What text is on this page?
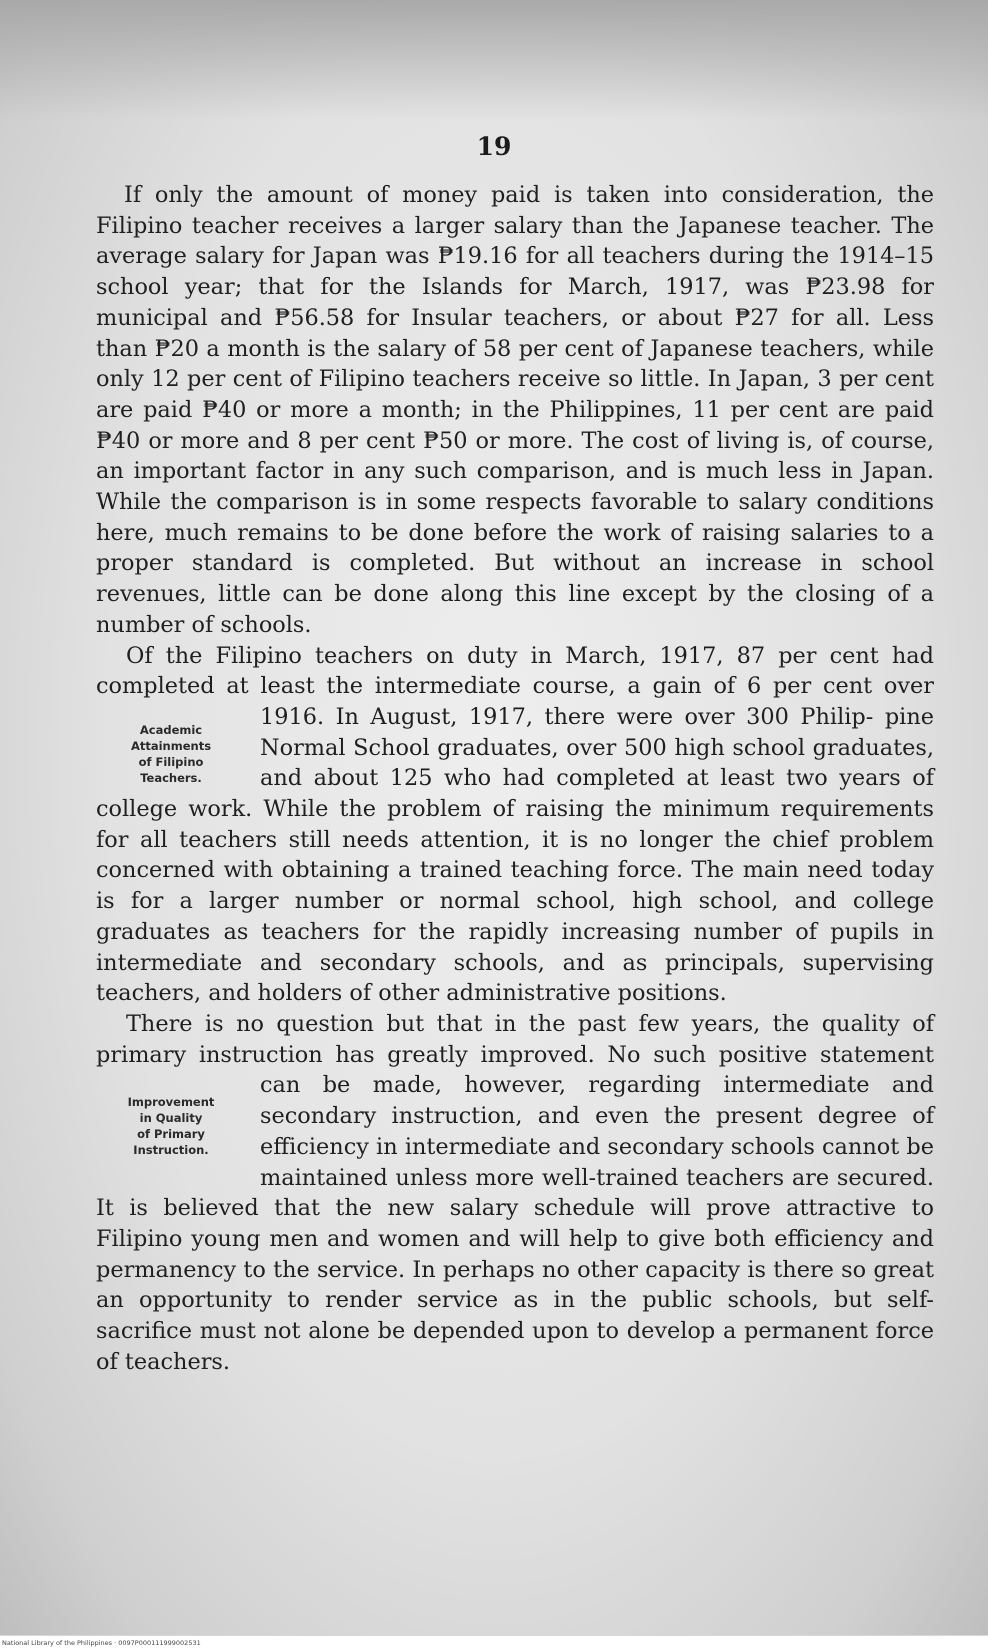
19

If only the amount of money paid is taken into consideration, the Filipino teacher receives a larger salary than the Japanese teacher. The average salary for Japan was ₱19.16 for all teachers during the 1914–15 school year; that for the Islands for March, 1917, was ₱23.98 for municipal and ₱56.58 for Insular teachers, or about ₱27 for all. Less than ₱20 a month is the salary of 58 per cent of Japanese teachers, while only 12 per cent of Filipino teachers receive so little. In Japan, 3 per cent are paid ₱40 or more a month; in the Philippines, 11 per cent are paid ₱40 or more and 8 per cent ₱50 or more. The cost of living is, of course, an important factor in any such comparison, and is much less in Japan. While the comparison is in some respects favorable to salary conditions here, much remains to be done before the work of raising salaries to a proper standard is completed. But without an increase in school revenues, little can be done along this line except by the closing of a number of schools.

Of the Filipino teachers on duty in March, 1917, 87 per cent had completed at least the intermediate course, a gain of 6 per cent over 1916. In August, 1917, there were over 300 Philip-
Academic
Attainments
of Filipino
Teachers.
pine Normal School graduates, over 500 high school graduates, and about 125 who had completed at least two years of college work. While the problem of raising the minimum requirements for all teachers still needs attention, it is no longer the chief problem concerned with obtaining a trained teaching force. The main need today is for a larger number or normal school, high school, and college graduates as teachers for the rapidly increasing number of pupils in intermediate and secondary schools, and as principals, supervising teachers, and holders of other administrative positions.

There is no question but that in the past few years, the quality of primary instruction has greatly improved. No such positive statement can be made, however, regarding intermediate and
Improvement
in Quality
of Primary
Instruction.
secondary instruction, and even the present degree of efficiency in intermediate and secondary schools cannot be maintained unless more well-trained teachers are secured. It is believed that the new salary schedule will prove attractive to Filipino young men and women and will help to give both efficiency and permanency to the service. In perhaps no other capacity is there so great an opportunity to render service as in the public schools, but self-sacrifice must not alone be depended upon to develop a permanent force of teachers.

National Library of the Philippines · 0097P000111999002531
